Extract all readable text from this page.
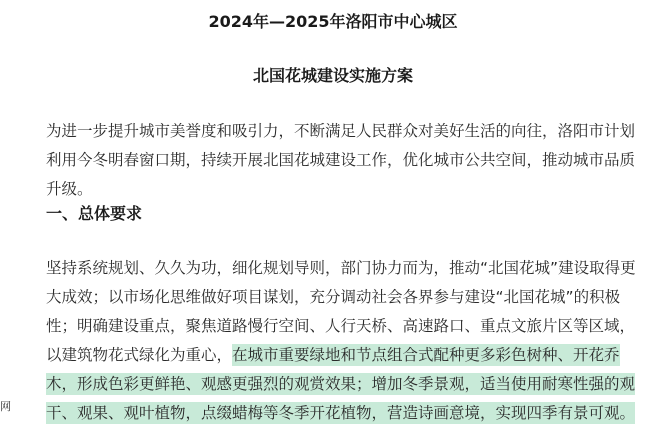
2024年—2025年洛阳市中心城区
北国花城建设实施方案

为进一步提升城市美誉度和吸引力，不断满足人民群众对美好生活的向往，洛阳市计划利用今冬明春窗口期，持续开展北国花城建设工作，优化城市公共空间，推动城市品质升级。

一、总体要求

坚持系统规划、久久为功，细化规划导则，部门协力而为，推动“北国花城”建设取得更大成效；以市场化思维做好项目谋划，充分调动社会各界参与建设“北国花城”的积极性；明确建设重点，聚焦道路慢行空间、人行天桥、高速路口、重点文旅片区等区域，以建筑物花式绿化为重心，在城市重要绿地和节点组合式配种更多彩色树种、开花乔木，形成色彩更鲜艳、观感更强烈的观赏效果；增加冬季景观，适当使用耐寒性强的观干、观果、观叶植物，点缀蜡梅等冬季开花植物，营造诗画意境，实现四季有景可观。

网
